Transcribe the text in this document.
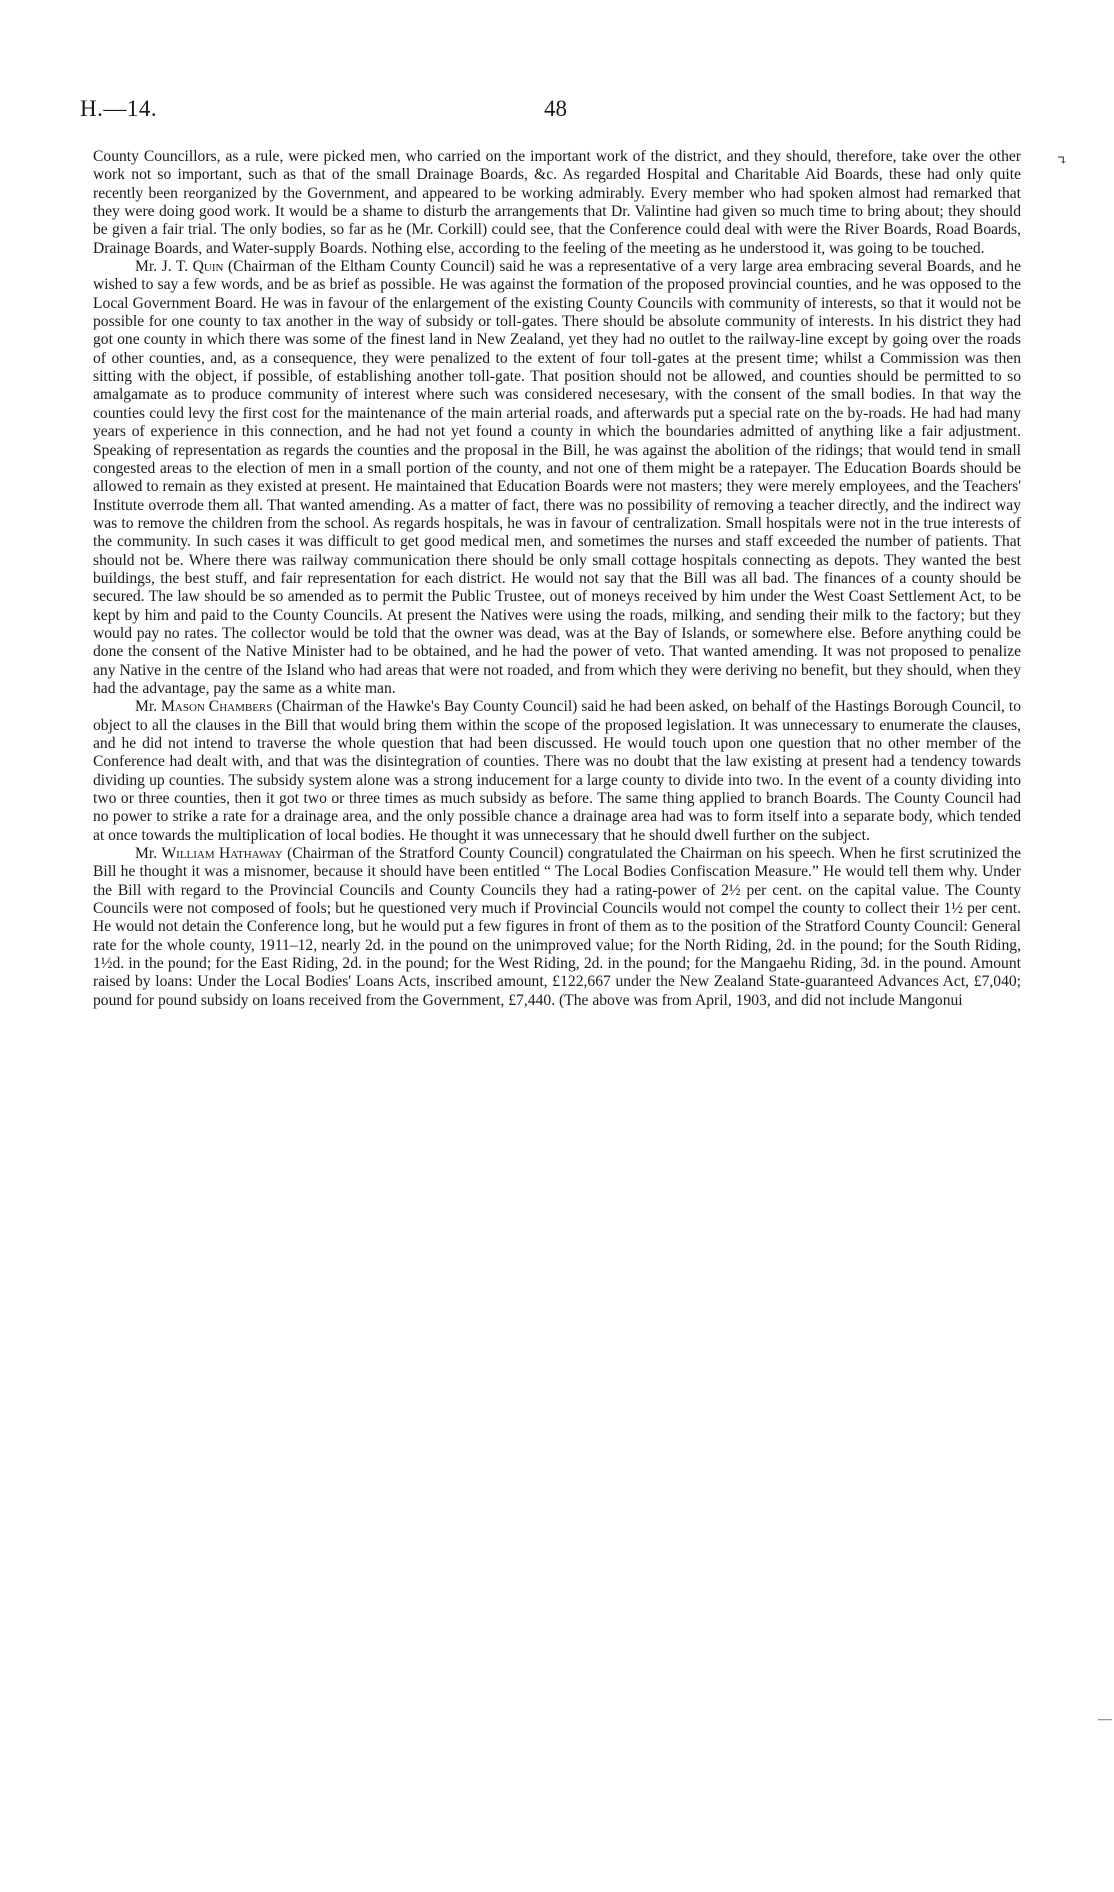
H.—14.	48
↴
—

County Councillors, as a rule, were picked men, who carried on the important work of the district, and they should, therefore, take over the other work not so important, such as that of the small Drainage Boards, &c. As regarded Hospital and Charitable Aid Boards, these had only quite recently been reorganized by the Government, and appeared to be working admirably. Every member who had spoken almost had remarked that they were doing good work. It would be a shame to disturb the arrangements that Dr. Valintine had given so much time to bring about; they should be given a fair trial. The only bodies, so far as he (Mr. Corkill) could see, that the Conference could deal with were the River Boards, Road Boards, Drainage Boards, and Water-supply Boards. Nothing else, according to the feeling of the meeting as he understood it, was going to be touched.

Mr. J. T. Quin (Chairman of the Eltham County Council) said he was a representative of a very large area embracing several Boards, and he wished to say a few words, and be as brief as possible. He was against the formation of the proposed provincial counties, and he was opposed to the Local Government Board. He was in favour of the enlargement of the existing County Councils with community of interests, so that it would not be possible for one county to tax another in the way of subsidy or toll-gates. There should be absolute community of interests. In his district they had got one county in which there was some of the finest land in New Zealand, yet they had no outlet to the railway-line except by going over the roads of other counties, and, as a consequence, they were penalized to the extent of four toll-gates at the present time; whilst a Commission was then sitting with the object, if possible, of establishing another toll-gate. That position should not be allowed, and counties should be permitted to so amalgamate as to produce community of interest where such was considered necesesary, with the consent of the small bodies. In that way the counties could levy the first cost for the maintenance of the main arterial roads, and afterwards put a special rate on the by-roads. He had had many years of experience in this connection, and he had not yet found a county in which the boundaries admitted of anything like a fair adjustment. Speaking of representation as regards the counties and the proposal in the Bill, he was against the abolition of the ridings; that would tend in small congested areas to the election of men in a small portion of the county, and not one of them might be a ratepayer. The Education Boards should be allowed to remain as they existed at present. He maintained that Education Boards were not masters; they were merely employees, and the Teachers' Institute overrode them all. That wanted amending. As a matter of fact, there was no possibility of removing a teacher directly, and the indirect way was to remove the children from the school. As regards hospitals, he was in favour of centralization. Small hospitals were not in the true interests of the community. In such cases it was difficult to get good medical men, and sometimes the nurses and staff exceeded the number of patients. That should not be. Where there was railway communication there should be only small cottage hospitals connecting as depots. They wanted the best buildings, the best stuff, and fair representation for each district. He would not say that the Bill was all bad. The finances of a county should be secured. The law should be so amended as to permit the Public Trustee, out of moneys received by him under the West Coast Settlement Act, to be kept by him and paid to the County Councils. At present the Natives were using the roads, milking, and sending their milk to the factory; but they would pay no rates. The collector would be told that the owner was dead, was at the Bay of Islands, or somewhere else. Before anything could be done the consent of the Native Minister had to be obtained, and he had the power of veto. That wanted amending. It was not proposed to penalize any Native in the centre of the Island who had areas that were not roaded, and from which they were deriving no benefit, but they should, when they had the advantage, pay the same as a white man.

Mr. Mason Chambers (Chairman of the Hawke's Bay County Council) said he had been asked, on behalf of the Hastings Borough Council, to object to all the clauses in the Bill that would bring them within the scope of the proposed legislation. It was unnecessary to enumerate the clauses, and he did not intend to traverse the whole question that had been discussed. He would touch upon one question that no other member of the Conference had dealt with, and that was the disintegration of counties. There was no doubt that the law existing at present had a tendency towards dividing up counties. The subsidy system alone was a strong inducement for a large county to divide into two. In the event of a county dividing into two or three counties, then it got two or three times as much subsidy as before. The same thing applied to branch Boards. The County Council had no power to strike a rate for a drainage area, and the only possible chance a drainage area had was to form itself into a separate body, which tended at once towards the multiplication of local bodies. He thought it was unnecessary that he should dwell further on the subject.

Mr. William Hathaway (Chairman of the Stratford County Council) congratulated the Chairman on his speech. When he first scrutinized the Bill he thought it was a misnomer, because it should have been entitled “ The Local Bodies Confiscation Measure.” He would tell them why. Under the Bill with regard to the Provincial Councils and County Councils they had a rating-power of 2½ per cent. on the capital value. The County Councils were not composed of fools; but he questioned very much if Provincial Councils would not compel the county to collect their 1½ per cent. He would not detain the Conference long, but he would put a few figures in front of them as to the position of the Stratford County Council: General rate for the whole county, 1911–12, nearly 2d. in the pound on the unimproved value; for the North Riding, 2d. in the pound; for the South Riding, 1½d. in the pound; for the East Riding, 2d. in the pound; for the West Riding, 2d. in the pound; for the Mangaehu Riding, 3d. in the pound. Amount raised by loans: Under the Local Bodies' Loans Acts, inscribed amount, £122,667 under the New Zealand State-guaranteed Advances Act, £7,040; pound for pound subsidy on loans received from the Government, £7,440. (The above was from April, 1903, and did not include Mangonui
